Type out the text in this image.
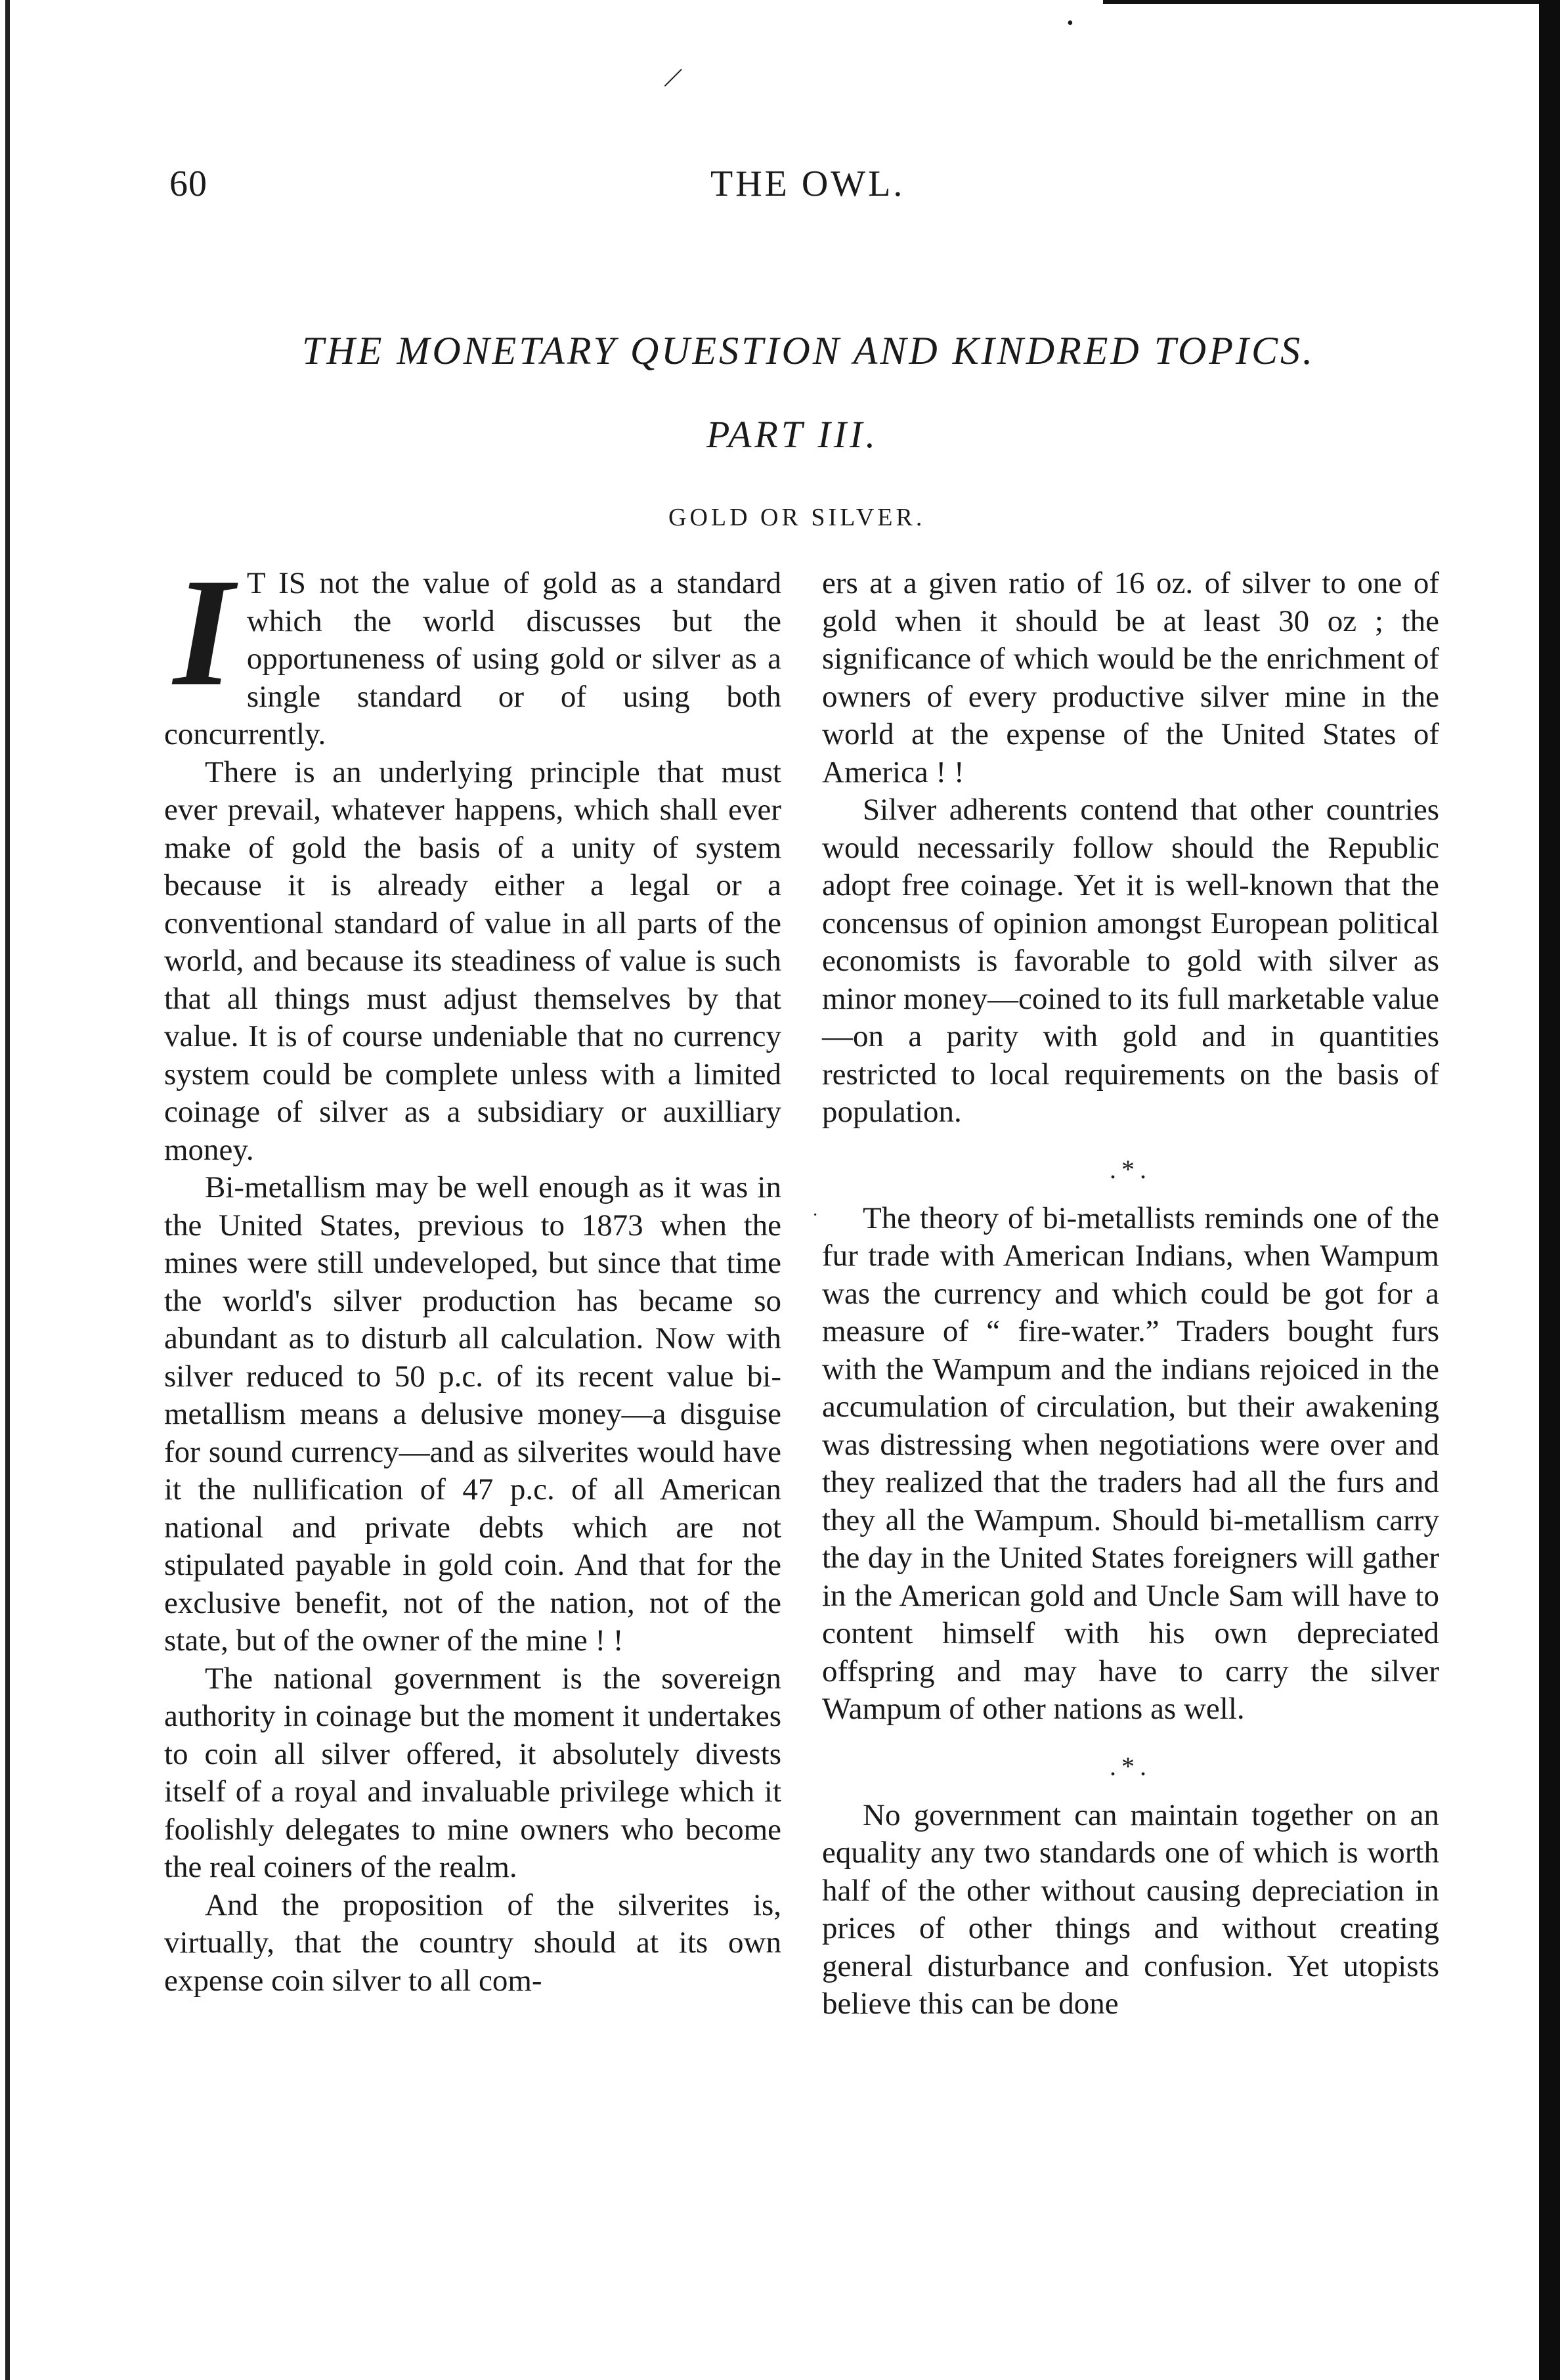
60	THE OWL.
THE MONETARY QUESTION AND KINDRED TOPICS.
PART III.
GOLD OR SILVER.
I T IS not the value of gold as a standard which the world discusses but the opportuneness of using gold or silver as a single standard or of using both concurrently.

There is an underlying principle that must ever prevail, whatever happens, which shall ever make of gold the basis of a unity of system because it is already either a legal or a conventional standard of value in all parts of the world, and because its steadiness of value is such that all things must adjust themselves by that value. It is of course undeniable that no currency system could be complete unless with a limited coinage of silver as a subsidiary or auxilliary money.

Bi-metallism may be well enough as it was in the United States, previous to 1873 when the mines were still undeveloped, but since that time the world's silver production has became so abundant as to disturb all calculation. Now with silver reduced to 50 p.c. of its recent value bi-metallism means a delusive money—a disguise for sound currency—and as silverites would have it the nullification of 47 p.c. of all American national and private debts which are not stipulated payable in gold coin. And that for the exclusive benefit, not of the nation, not of the state, but of the owner of the mine ! !

The national government is the sovereign authority in coinage but the moment it undertakes to coin all silver offered, it absolutely divests itself of a royal and invaluable privilege which it foolishly delegates to mine owners who become the real coiners of the realm.

And the proposition of the silverites is, virtually, that the country should at its own expense coin silver to all com-

ers at a given ratio of 16 oz. of silver to one of gold when it should be at least 30 oz ; the significance of which would be the enrichment of owners of every productive silver mine in the world at the expense of the United States of America ! !

Silver adherents contend that other countries would necessarily follow should the Republic adopt free coinage. Yet it is well-known that the concensus of opinion amongst European political economists is favorable to gold with silver as minor money—coined to its full marketable value—on a parity with gold and in quantities restricted to local requirements on the basis of population.

.*.

The theory of bi-metallists reminds one of the fur trade with American Indians, when Wampum was the currency and which could be got for a measure of “ fire-water.” Traders bought furs with the Wampum and the indians rejoiced in the accumulation of circulation, but their awakening was distressing when negotiations were over and they realized that the traders had all the furs and they all the Wampum. Should bi-metallism carry the day in the United States foreigners will gather in the American gold and Uncle Sam will have to content himself with his own depreciated offspring and may have to carry the silver Wampum of other nations as well.

.*.

No government can maintain together on an equality any two standards one of which is worth half of the other without causing depreciation in prices of other things and without creating general disturbance and confusion. Yet utopists believe this can be done

|
•
·
